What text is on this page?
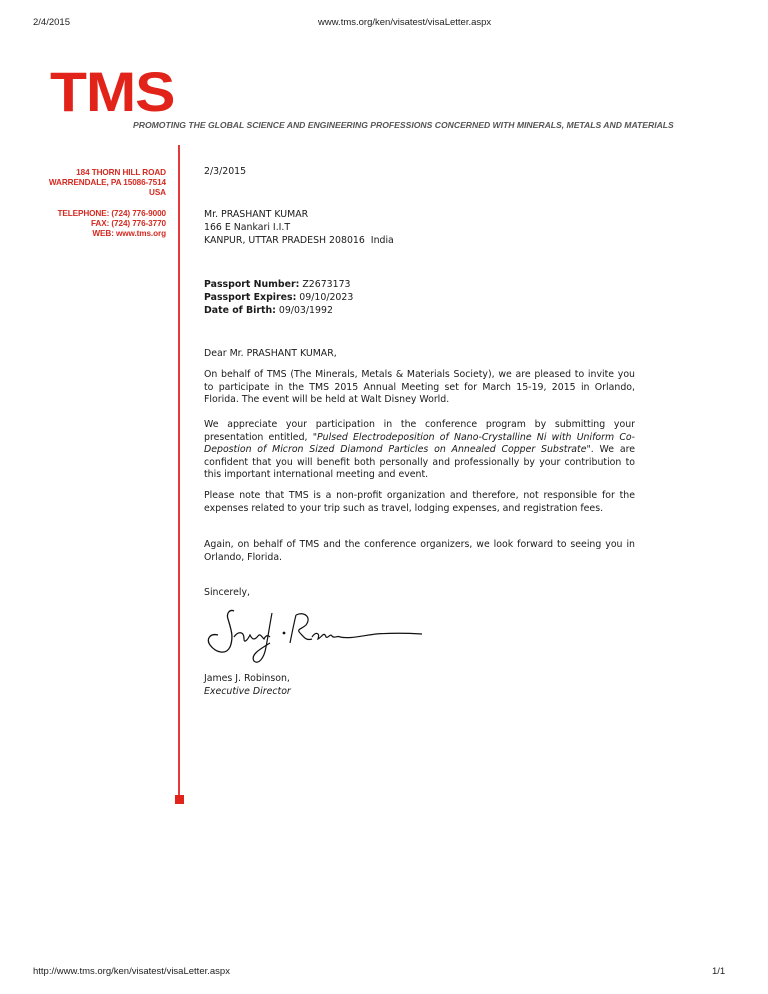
2/4/2015	www.tms.org/ken/visatest/visaLetter.aspx
TMS
PROMOTING THE GLOBAL SCIENCE AND ENGINEERING PROFESSIONS CONCERNED WITH MINERALS, METALS AND MATERIALS
184 THORN HILL ROAD
WARRENDALE, PA 15086-7514
USA
TELEPHONE: (724) 776-9000
FAX: (724) 776-3770
WEB: www.tms.org
2/3/2015
Mr. PRASHANT KUMAR
166 E Nankari I.I.T
KANPUR, UTTAR PRADESH 208016  India
Passport Number: Z2673173
Passport Expires: 09/10/2023
Date of Birth: 09/03/1992
Dear Mr. PRASHANT KUMAR,
On behalf of TMS (The Minerals, Metals & Materials Society), we are pleased to invite you to participate in the TMS 2015 Annual Meeting set for March 15-19, 2015 in Orlando, Florida. The event will be held at Walt Disney World.
We appreciate your participation in the conference program by submitting your presentation entitled, "Pulsed Electrodeposition of Nano-Crystalline Ni with Uniform Co-Depostion of Micron Sized Diamond Particles on Annealed Copper Substrate". We are confident that you will benefit both personally and professionally by your contribution to this important international meeting and event.
Please note that TMS is a non-profit organization and therefore, not responsible for the expenses related to your trip such as travel, lodging expenses, and registration fees.
Again, on behalf of TMS and the conference organizers, we look forward to seeing you in Orlando, Florida.
Sincerely,
James J. Robinson,
Executive Director
http://www.tms.org/ken/visatest/visaLetter.aspx	1/1
